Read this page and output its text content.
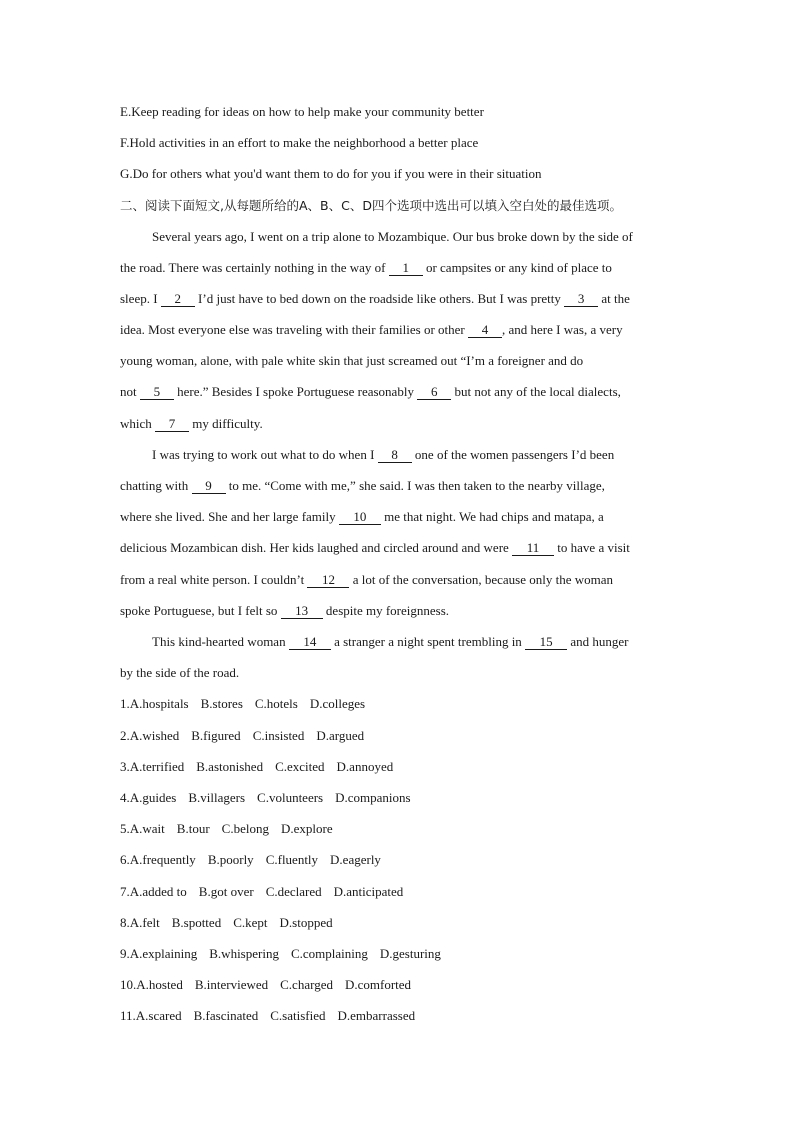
E.Keep reading for ideas on how to help make your community better
F.Hold activities in an effort to make the neighborhood a better place
G.Do for others what you'd want them to do for you if you were in their situation
二、阅读下面短文,从每题所给的A、B、C、D四个选项中选出可以填入空白处的最佳选项。
Several years ago, I went on a trip alone to Mozambique. Our bus broke down by the side of
the road. There was certainly nothing in the way of 1 or campsites or any kind of place to
sleep. I 2 I’d just have to bed down on the roadside like others. But I was pretty 3 at the
idea. Most everyone else was traveling with their families or other 4 , and here I was, a very
young woman, alone, with pale white skin that just screamed out “I’m a foreigner and do
not 5 here.” Besides I spoke Portuguese reasonably 6 but not any of the local dialects,
which 7 my difficulty.
I was trying to work out what to do when I 8 one of the women passengers I’d been
chatting with 9 to me. “Come with me,” she said. I was then taken to the nearby village,
where she lived. She and her large family 10 me that night. We had chips and matapa, a
delicious Mozambican dish. Her kids laughed and circled around and were 11 to have a visit
from a real white person. I couldn’t 12 a lot of the conversation, because only the woman
spoke Portuguese, but I felt so 13 despite my foreignness.
This kind-hearted woman 14 a stranger a night spent trembling in 15 and hunger
by the side of the road.
1.A.hospitals B.stores C.hotels D.colleges
2.A.wished B.figured C.insisted D.argued
3.A.terrified B.astonished C.excited D.annoyed
4.A.guides B.villagers C.volunteers D.companions
5.A.wait B.tour C.belong D.explore
6.A.frequently B.poorly C.fluently D.eagerly
7.A.added to B.got over C.declared D.anticipated
8.A.felt B.spotted C.kept D.stopped
9.A.explaining B.whispering C.complaining D.gesturing
10.A.hosted B.interviewed C.charged D.comforted
11.A.scared B.fascinated C.satisfied D.embarrassed
